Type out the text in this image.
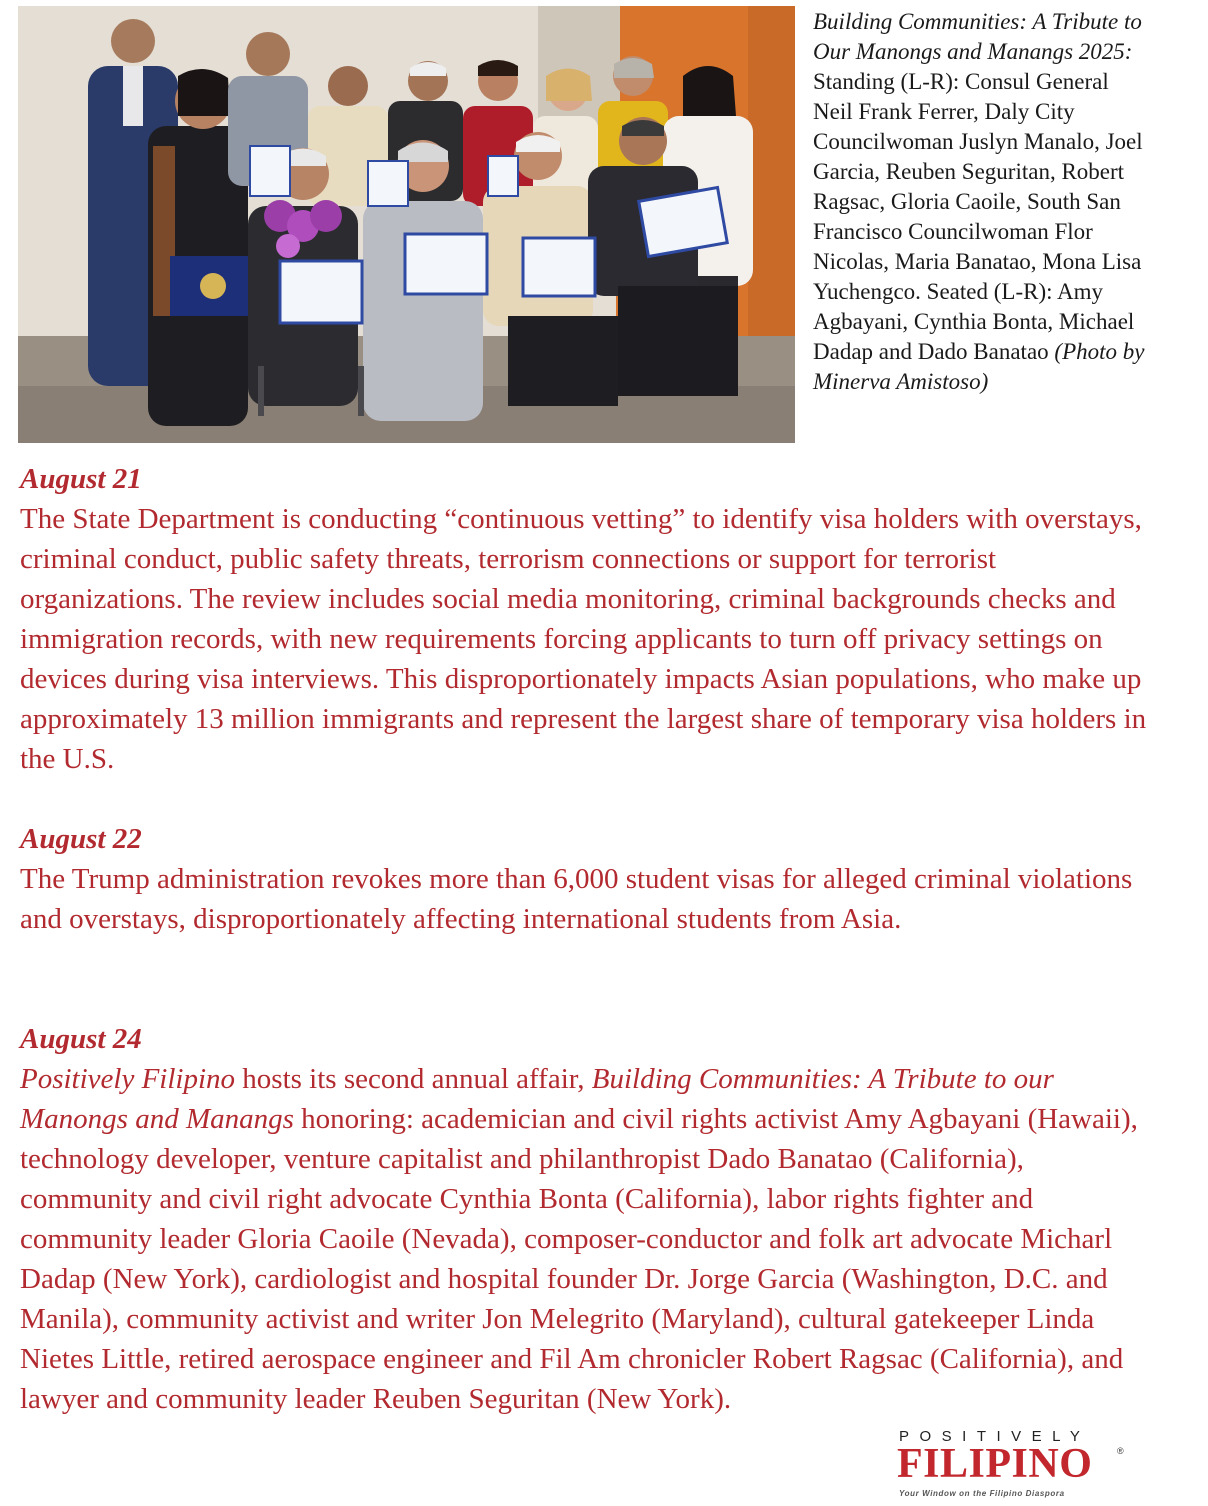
Building Communities: A Tribute to Our Manongs and Manangs 2025: Standing (L-R): Consul General Neil Frank Ferrer, Daly City Councilwoman Juslyn Manalo, Joel Garcia, Reuben Seguritan, Robert Ragsac, Gloria Caoile, South San Francisco Councilwoman Flor Nicolas, Maria Banatao, Mona Lisa Yuchengco. Seated (L-R): Amy Agbayani, Cynthia Bonta, Michael Dadap and Dado Banatao (Photo by Minerva Amistoso)
August 21
The State Department is conducting “continuous vetting” to identify visa holders with overstays, criminal conduct, public safety threats, terrorism connections or support for terrorist organizations. The review includes social media monitoring, criminal backgrounds checks and immigration records, with new requirements forcing applicants to turn off privacy settings on devices during visa interviews. This disproportionately impacts Asian populations, who make up approximately 13 million immigrants and represent the largest share of temporary visa holders in the U.S.
August 22
The Trump administration revokes more than 6,000 student visas for alleged criminal violations and overstays, disproportionately affecting international students from Asia.
August 24
Positively Filipino hosts its second annual affair, Building Communities: A Tribute to our Manongs and Manangs honoring: academician and civil rights activist Amy Agbayani (Hawaii), technology developer, venture capitalist and philanthropist Dado Banatao (California), community and civil right advocate Cynthia Bonta (California), labor rights fighter and community leader Gloria Caoile (Nevada), composer-conductor and folk art advocate Micharl Dadap (New York), cardiologist and hospital founder Dr. Jorge Garcia (Washington, D.C. and Manila), community activist and writer Jon Melegrito (Maryland), cultural gatekeeper Linda Nietes Little, retired aerospace engineer and Fil Am chronicler Robert Ragsac (California), and lawyer and community leader Reuben Seguritan (New York).
POSITIVELY
FILIPINO	®
Your Window on the Filipino Diaspora
